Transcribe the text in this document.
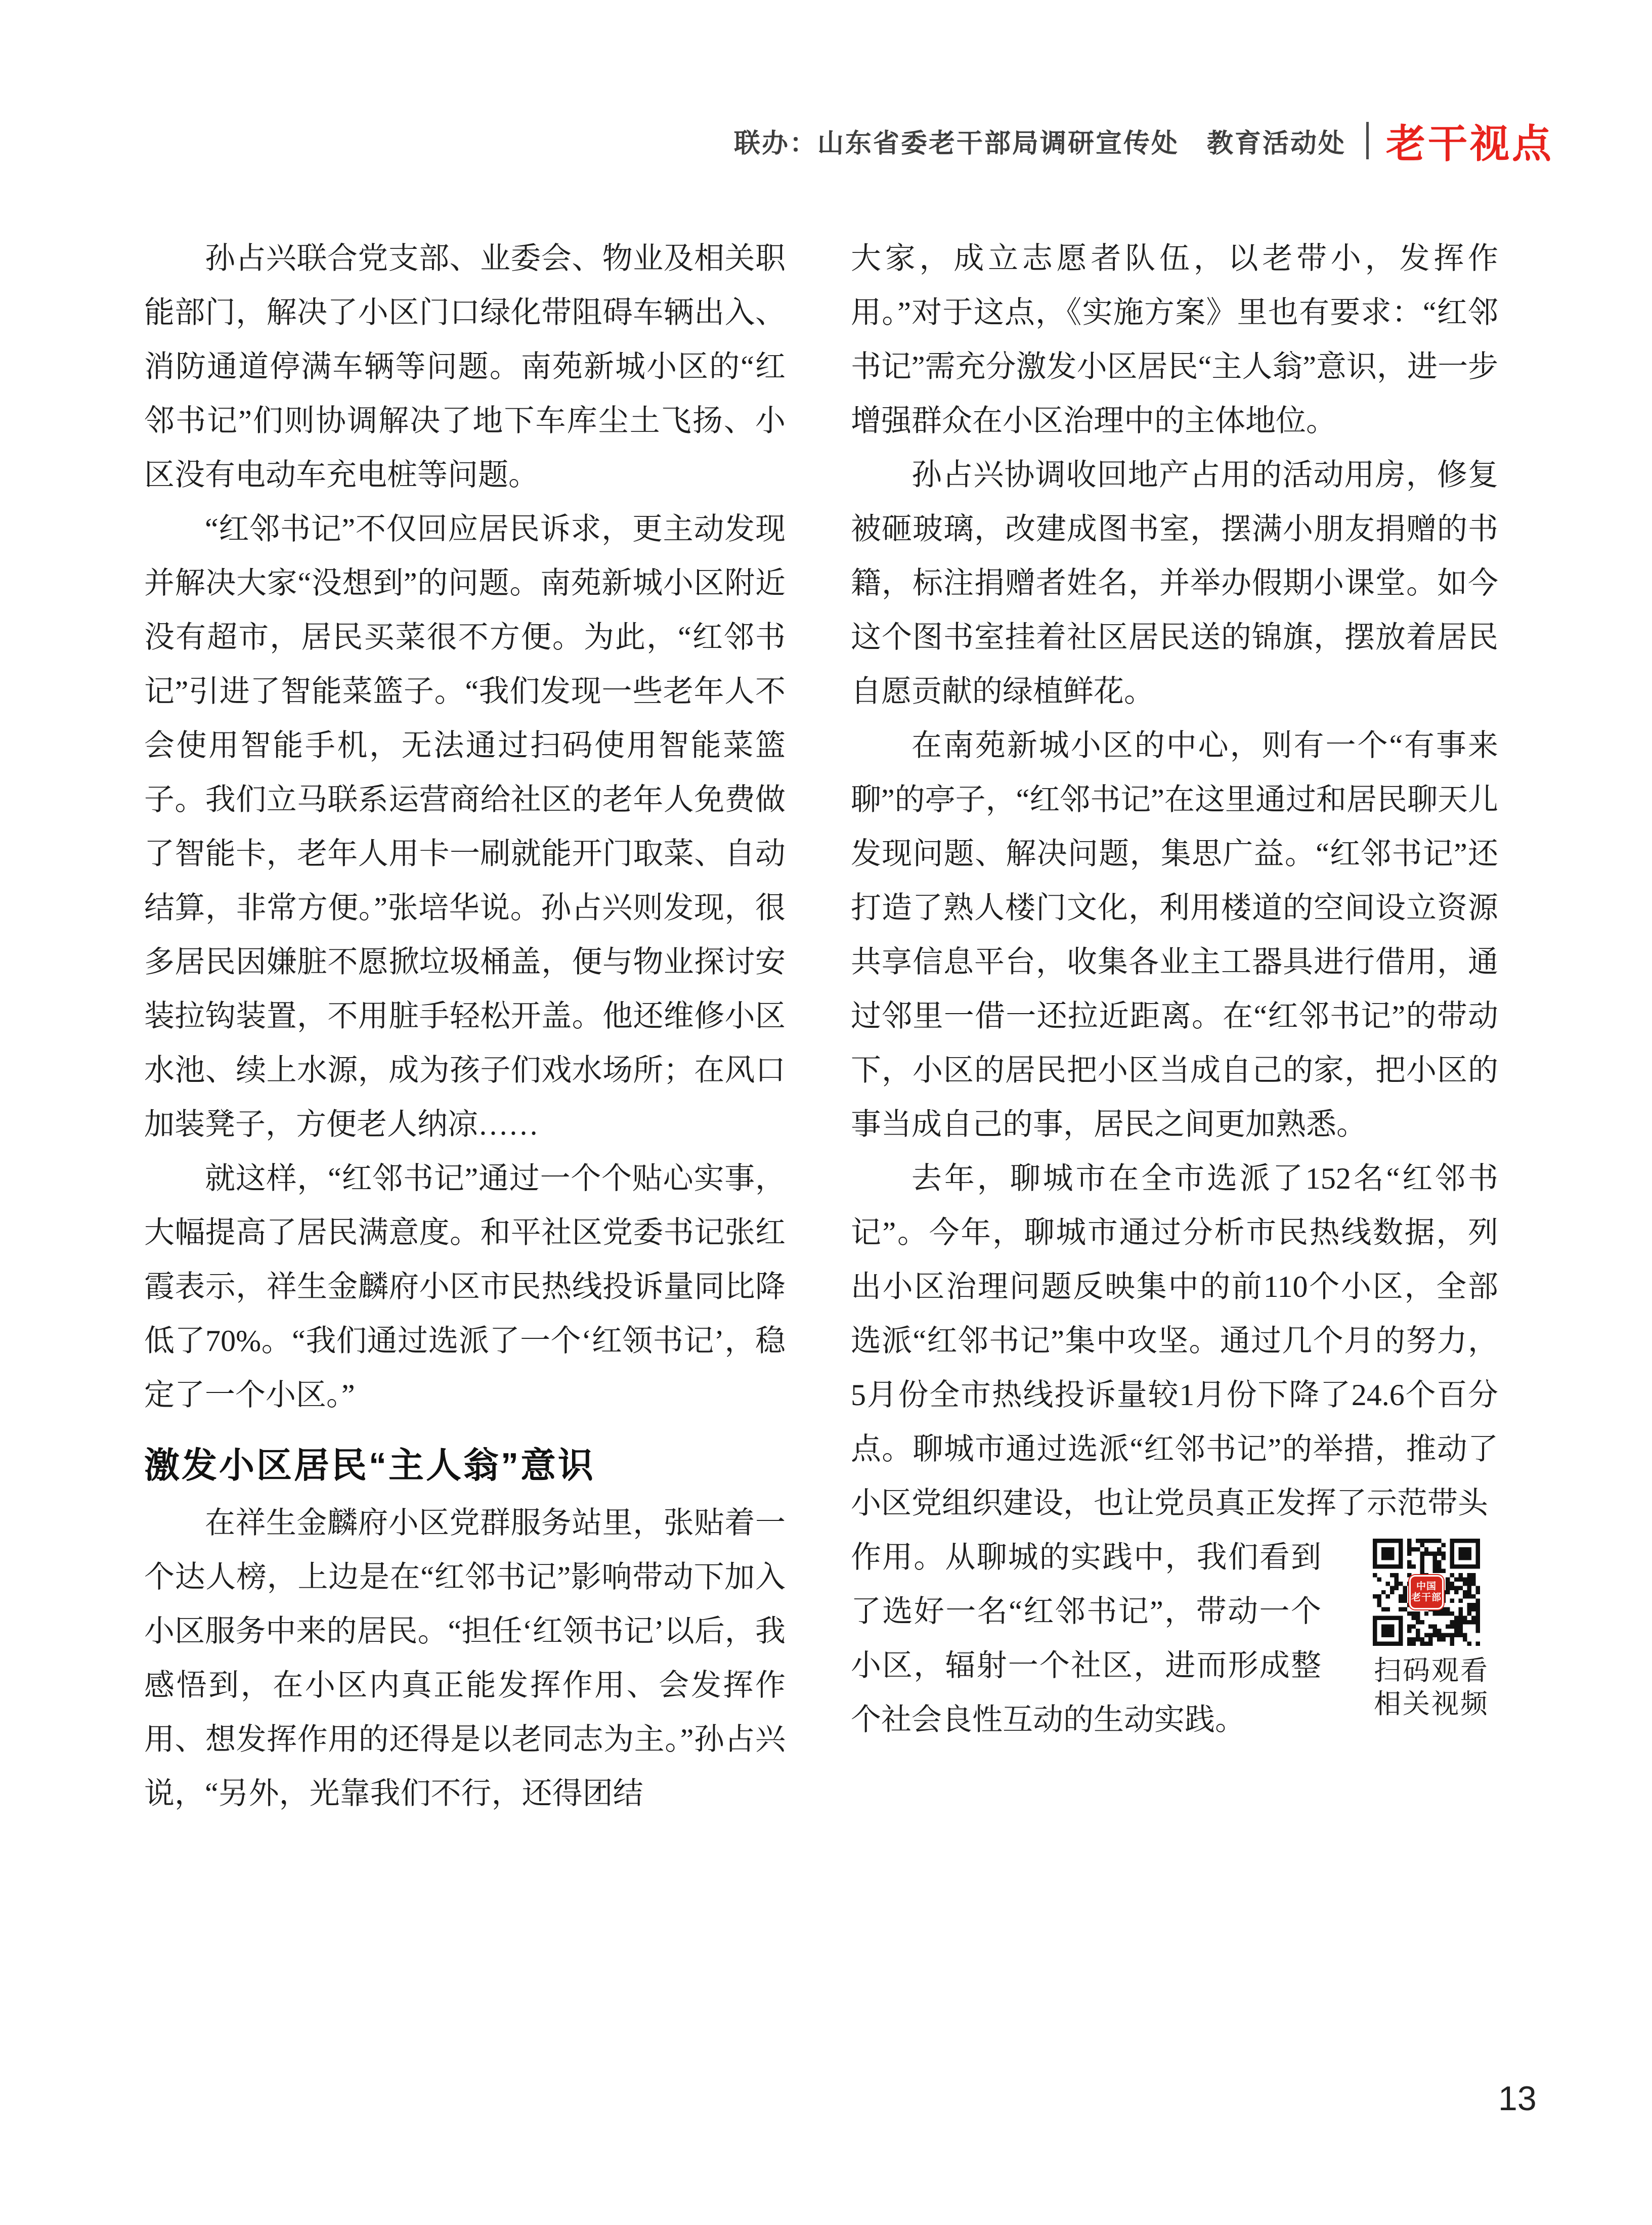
联办：山东省委老干部局调研宣传处　教育活动处 老干视点

孙占兴联合党支部、业委会、物业及相关职能部门，解决了小区门口绿化带阻碍车辆出入、消防通道停满车辆等问题。南苑新城小区的“红邻书记”们则协调解决了地下车库尘土飞扬、小区没有电动车充电桩等问题。

“红邻书记”不仅回应居民诉求，更主动发现并解决大家“没想到”的问题。南苑新城小区附近没有超市，居民买菜很不方便。为此，“红邻书记”引进了智能菜篮子。“我们发现一些老年人不会使用智能手机，无法通过扫码使用智能菜篮子。我们立马联系运营商给社区的老年人免费做了智能卡，老年人用卡一刷就能开门取菜、自动结算，非常方便。”张培华说。孙占兴则发现，很多居民因嫌脏不愿掀垃圾桶盖，便与物业探讨安装拉钩装置，不用脏手轻松开盖。他还维修小区水池、续上水源，成为孩子们戏水场所；在风口加装凳子，方便老人纳凉……

就这样，“红邻书记”通过一个个贴心实事，大幅提高了居民满意度。和平社区党委书记张红霞表示，祥生金麟府小区市民热线投诉量同比降低了70%。“我们通过选派了一个‘红领书记’，稳定了一个小区。”

激发小区居民“主人翁”意识

在祥生金麟府小区党群服务站里，张贴着一个达人榜，上边是在“红邻书记”影响带动下加入小区服务中来的居民。“担任‘红领书记’以后，我感悟到，在小区内真正能发挥作用、会发挥作用、想发挥作用的还得是以老同志为主。”孙占兴说，“另外，光靠我们不行，还得团结

大家，成立志愿者队伍，以老带小，发挥作用。”对于这点，《实施方案》里也有要求：“红邻书记”需充分激发小区居民“主人翁”意识，进一步增强群众在小区治理中的主体地位。

孙占兴协调收回地产占用的活动用房，修复被砸玻璃，改建成图书室，摆满小朋友捐赠的书籍，标注捐赠者姓名，并举办假期小课堂。如今这个图书室挂着社区居民送的锦旗，摆放着居民自愿贡献的绿植鲜花。

在南苑新城小区的中心，则有一个“有事来聊”的亭子，“红邻书记”在这里通过和居民聊天儿发现问题、解决问题，集思广益。“红邻书记”还打造了熟人楼门文化，利用楼道的空间设立资源共享信息平台，收集各业主工器具进行借用，通过邻里一借一还拉近距离。在“红邻书记”的带动下，小区的居民把小区当成自己的家，把小区的事当成自己的事，居民之间更加熟悉。

去年，聊城市在全市选派了152名“红邻书记”。今年，聊城市通过分析市民热线数据，列出小区治理问题反映集中的前110个小区，全部选派“红邻书记”集中攻坚。通过几个月的努力，5月份全市热线投诉量较1月份下降了24.6个百分点。聊城市通过选派“红邻书记”的举措，推动了小区党组织建设，也让党员真正发挥了示范带头

中国
老干部
扫码观看
相关视频

作用。从聊城的实践中，我们看到了选好一名“红邻书记”，带动一个小区，辐射一个社区，进而形成整个社会良性互动的生动实践。

13
